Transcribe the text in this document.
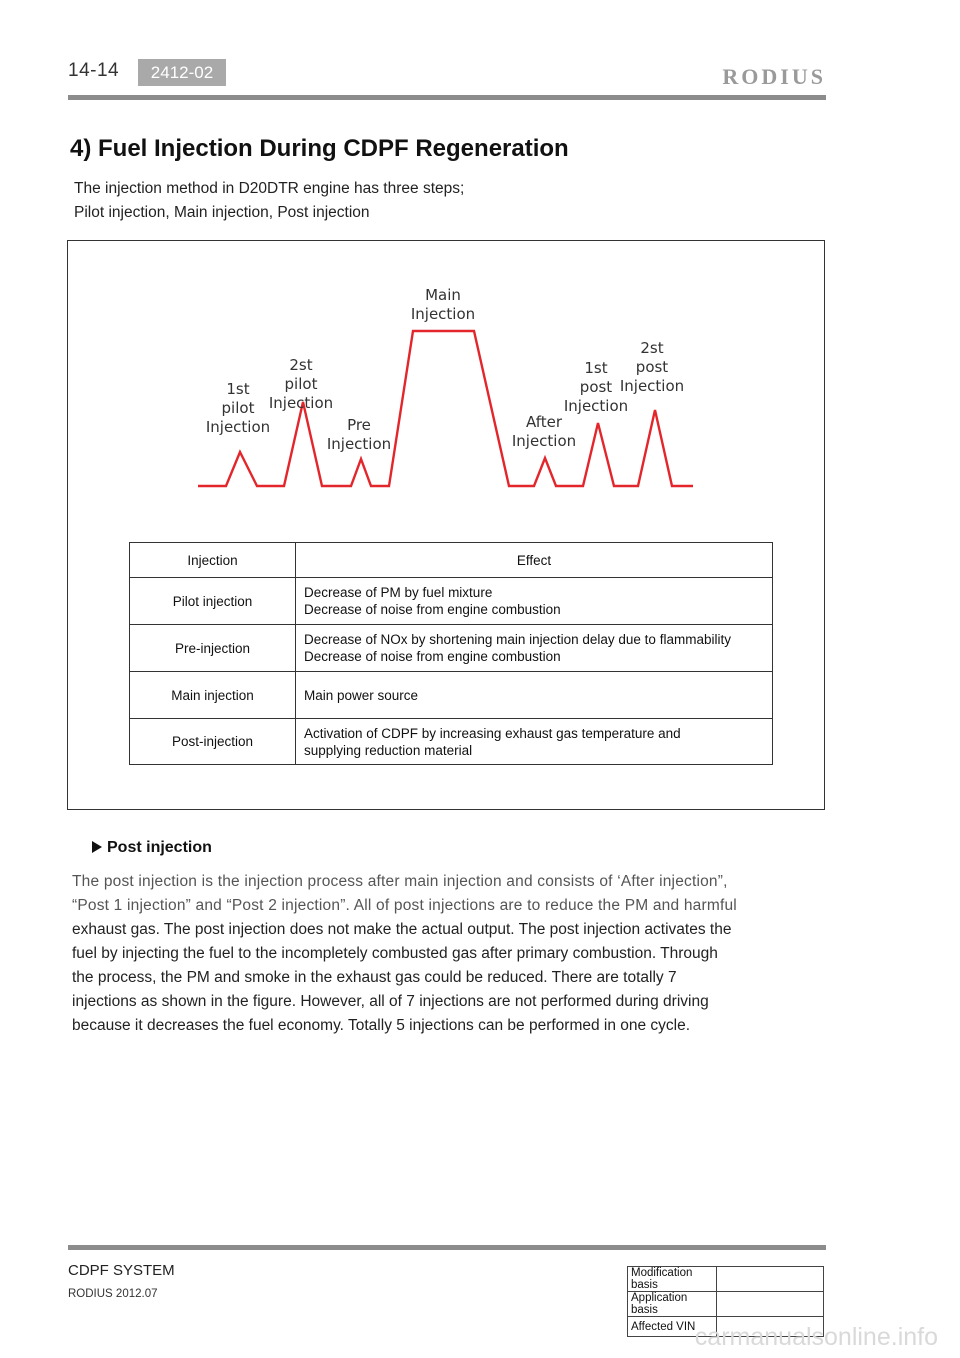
14-14	2412-02	RODIUS
4) Fuel Injection During CDPF Regeneration
The injection method in D20DTR engine has three steps;
Pilot injection, Main injection, Post injection
1st
pilot
Injection
2st
pilot
Injection
Pre
Injection
Main
Injection
After
Injection
1st
post
Injection
2st
post
Injection
Injection	Effect
Pilot injection	Decrease of PM by fuel mixture
Decrease of noise from engine combustion

Pre-injection	Decrease of NOx by shortening main injection delay due to flammability
Decrease of noise from engine combustion

Main injection	Main power source

Post-injection	Activation of CDPF by increasing exhaust gas temperature and
supplying reduction material
Post injection
The post injection is the injection process after main injection and consists of ‘After injection”,
“Post 1 injection” and “Post 2 injection”. All of post injections are to reduce the PM and harmful
exhaust gas. The post injection does not make the actual output. The post injection activates the
fuel by injecting the fuel to the incompletely combusted gas after primary combustion. Through
the process, the PM and smoke in the exhaust gas could be reduced. There are totally 7
injections as shown in the figure. However, all of 7 injections are not performed during driving
because it decreases the fuel economy. Totally 5 injections can be performed in one cycle.
CDPF SYSTEM
RODIUS 2012.07
Modification basis	
Application basis	
Affected VIN	carmanualsonline.info
